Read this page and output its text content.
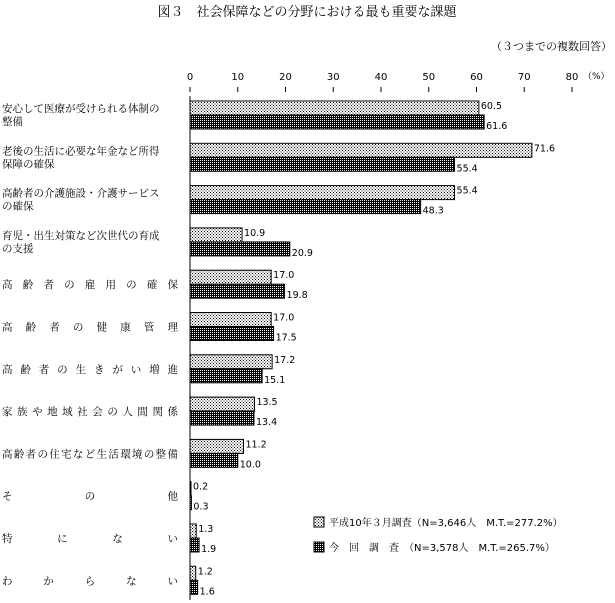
図３　社会保障などの分野における最も重要な課題
（３つまでの複数回答）
0	10	20	30	40	50	60	70	80 （%）
安心して医療が受けられる体制の
整備
老後の生活に必要な年金など所得
保障の確保
高齢者の介護施設・介護サービス
の確保
育児・出生対策など次世代の育成
の支援
高齢者の雇用の確保
高齢者の健康管理
高齢者の生きがい増進
家族や地域社会の人間関係
高齢者の住宅など生活環境の整備
その他
特にない
わからない
60.5
61.6
71.6
55.4
55.4
48.3
10.9
20.9
17.0
19.8
17.0
17.5
17.2
15.1
13.5
13.4
11.2
10.0
0.2
0.3
1.3
1.9
1.2
1.6
平成10年３月調査（N=3,646人　M.T.=277.2%）
今　回　調　査　（N=3,578人　M.T.=265.7%）
